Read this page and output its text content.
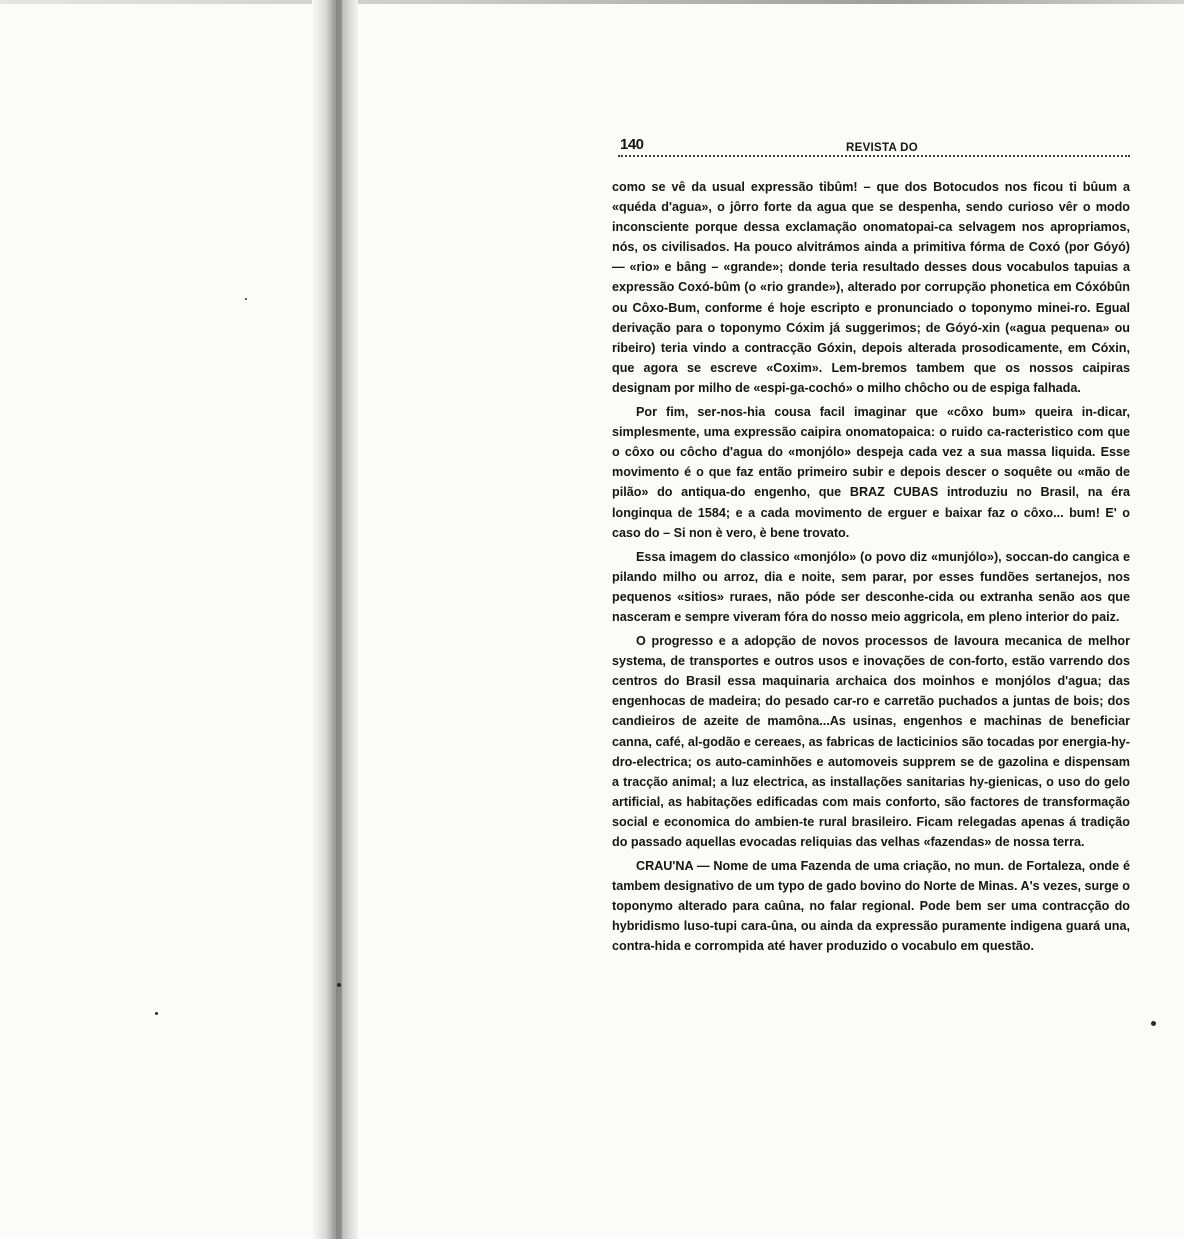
140	REVISTA DO

como se vê da usual expressão tibûm! – que dos Botocudos nos ficou ti bûum a «quéda d'agua», o jôrro forte da agua que se despenha, sendo curioso vêr o modo inconsciente porque dessa exclamação onomatopai-ca selvagem nos apropriamos, nós, os civilisados. Ha pouco alvitrámos ainda a primitiva fórma de Coxó (por Góyó) — «rio» e bâng – «grande»; donde teria resultado desses dous vocabulos tapuias a expressão Coxó-bûm (o «rio grande»), alterado por corrupção phonetica em Cóxóbûn ou Côxo-Bum, conforme é hoje escripto e pronunciado o toponymo minei-ro. Egual derivação para o toponymo Cóxim já suggerimos; de Góyó-xin («agua pequena» ou ribeiro) teria vindo a contracção Góxin, depois alterada prosodicamente, em Cóxin, que agora se escreve «Coxim». Lem-bremos tambem que os nossos caipiras designam por milho de «espi-ga-cochó» o milho chôcho ou de espiga falhada.

Por fim, ser-nos-hia cousa facil imaginar que «côxo bum» queira in-dicar, simplesmente, uma expressão caipira onomatopaica: o ruido ca-racteristico com que o côxo ou côcho d'agua do «monjólo» despeja cada vez a sua massa liquida. Esse movimento é o que faz então primeiro subir e depois descer o soquête ou «mão de pilão» do antiqua-do engenho, que BRAZ CUBAS introduziu no Brasil, na éra longinqua de 1584; e a cada movimento de erguer e baixar faz o côxo... bum! E' o caso do – Si non è vero, è bene trovato.

Essa imagem do classico «monjólo» (o povo diz «munjólo»), soccan-do cangica e pilando milho ou arroz, dia e noite, sem parar, por esses fundões sertanejos, nos pequenos «sitios» ruraes, não póde ser desconhe-cida ou extranha senão aos que nasceram e sempre viveram fóra do nosso meio aggricola, em pleno interior do paiz.

O progresso e a adopção de novos processos de lavoura mecanica de melhor systema, de transportes e outros usos e inovações de con-forto, estão varrendo dos centros do Brasil essa maquinaria archaica dos moinhos e monjólos d'agua; das engenhocas de madeira; do pesado car-ro e carretão puchados a juntas de bois; dos candieiros de azeite de mamôna...As usinas, engenhos e machinas de beneficiar canna, café, al-godão e cereaes, as fabricas de lacticinios são tocadas por energia-hy-dro-electrica; os auto-caminhões e automoveis supprem se de gazolina e dispensam a tracção animal; a luz electrica, as installações sanitarias hy-gienicas, o uso do gelo artificial, as habitações edificadas com mais conforto, são factores de transformação social e economica do ambien-te rural brasileiro. Ficam relegadas apenas á tradição do passado aquellas evocadas reliquias das velhas «fazendas» de nossa terra.

CRAU'NA — Nome de uma Fazenda de uma criação, no mun. de Fortaleza, onde é tambem designativo de um typo de gado bovino do Norte de Minas. A's vezes, surge o toponymo alterado para caûna, no falar regional. Pode bem ser uma contracção do hybridismo luso-tupi cara-ûna, ou ainda da expressão puramente indigena guará una, contra-hida e corrompida até haver produzido o vocabulo em questão.
